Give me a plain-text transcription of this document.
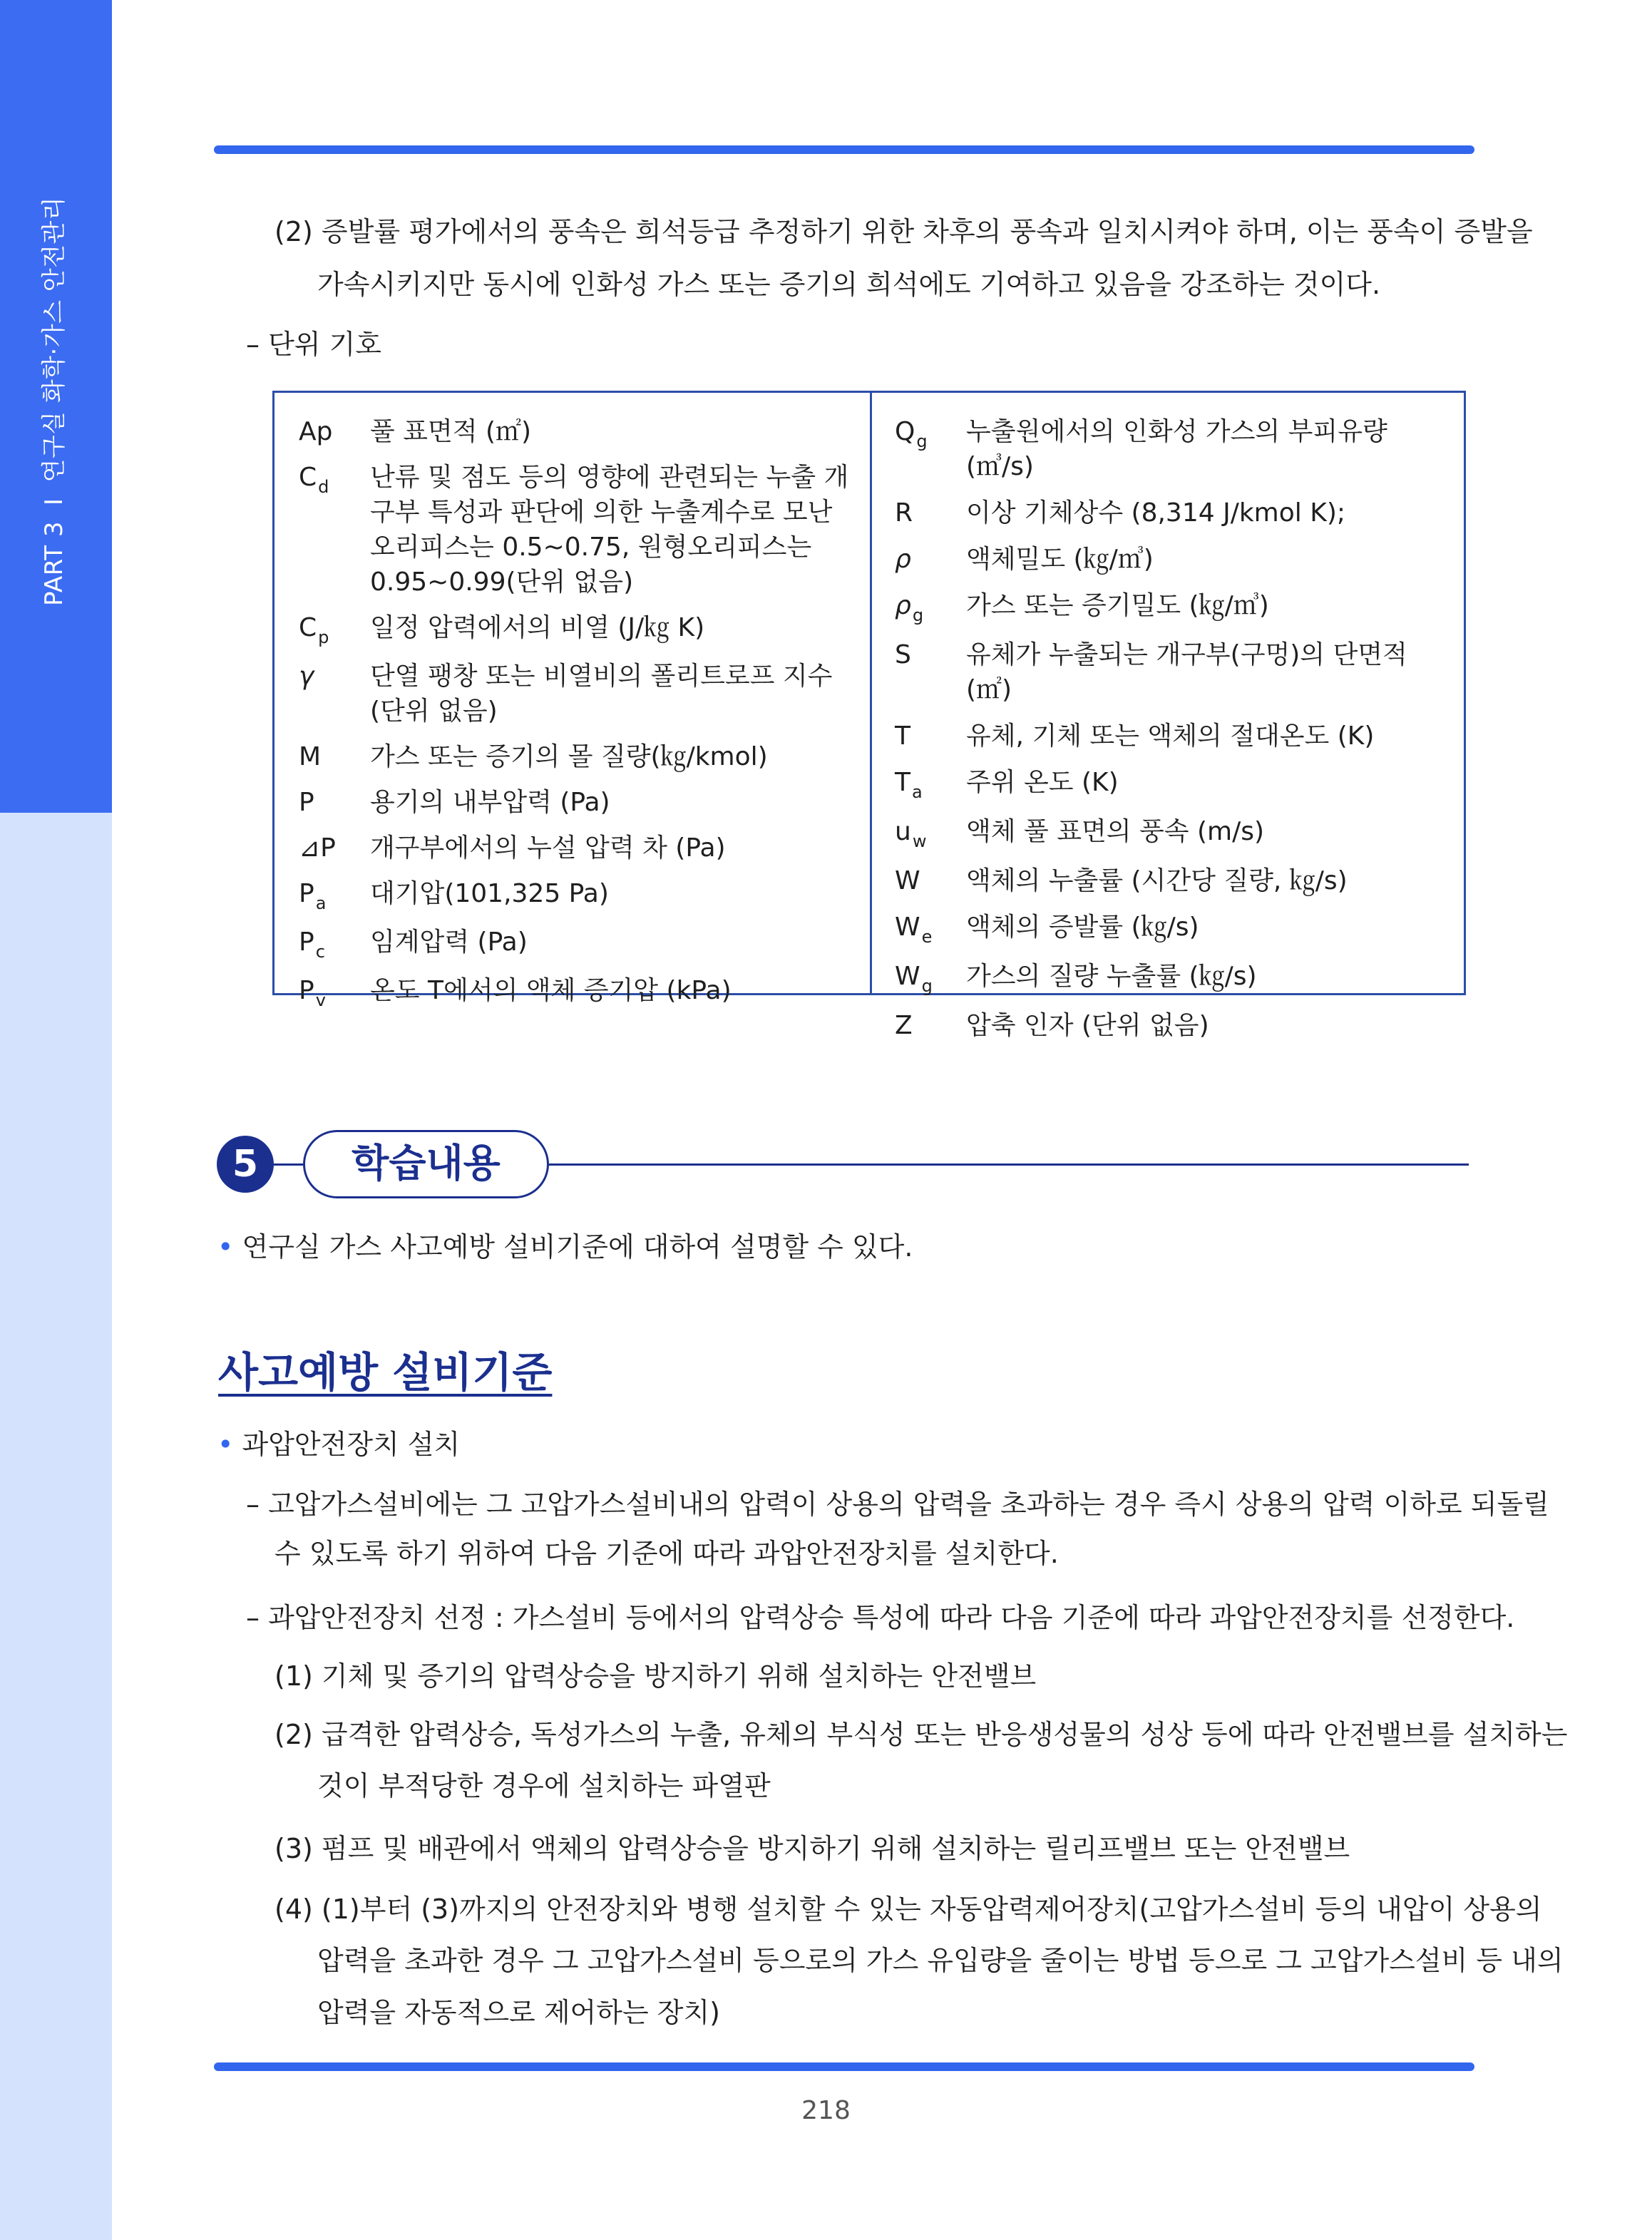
PART 3I연구실 화학·가스 안전관리	(2) 증발률 평가에서의 풍속은 희석등급 추정하기 위한 차후의 풍속과 일치시켜야 하며, 이는 풍속이 증발을
가속시키지만 동시에 인화성 가스 또는 증기의 희석에도 기여하고 있음을 강조하는 것이다.
– 단위 기호
Ap	풀 표면적 (㎡)
$C_d$	난류 및 점도 등의 영향에 관련되는 누출 개구부 특성과 판단에 의한 누출계수로 모난 오리피스는 0.5~0.75, 원형오리피스는 0.95~0.99(단위 없음)
$C_p$	일정 압력에서의 비열 (J/㎏ K)
γ	단열 팽창 또는 비열비의 폴리트로프 지수(단위 없음)
M	가스 또는 증기의 몰 질량(㎏/kmol)
P	용기의 내부압력 (Pa)
⊿P	개구부에서의 누설 압력 차 (Pa)
$P_a$	대기압(101,325 Pa)
$P_c$	임계압력 (Pa)
$P_v$	온도 T에서의 액체 증기압 (kPa)
$Q_g$	누출원에서의 인화성 가스의 부피유량 (㎥/s)
R	이상 기체상수 (8,314 J/kmol K);
ρ	액체밀도 (㎏/㎥)
$\rho_g$	가스 또는 증기밀도 (㎏/㎥)
S	유체가 누출되는 개구부(구멍)의 단면적 (㎡)
T	유체, 기체 또는 액체의 절대온도 (K)
$T_a$	주위 온도 (K)
$u_w$	액체 풀 표면의 풍속 (m/s)
W	액체의 누출률 (시간당 질량, ㎏/s)
$W_e$	액체의 증발률 (㎏/s)
$W_g$	가스의 질량 누출률 (㎏/s)
Z	압축 인자 (단위 없음)
5	학습내용
• 연구실 가스 사고예방 설비기준에 대하여 설명할 수 있다.
사고예방 설비기준
• 과압안전장치 설치
– 고압가스설비에는 그 고압가스설비내의 압력이 상용의 압력을 초과하는 경우 즉시 상용의 압력 이하로 되돌릴
수 있도록 하기 위하여 다음 기준에 따라 과압안전장치를 설치한다.
– 과압안전장치 선정 : 가스설비 등에서의 압력상승 특성에 따라 다음 기준에 따라 과압안전장치를 선정한다.
(1) 기체 및 증기의 압력상승을 방지하기 위해 설치하는 안전밸브
(2) 급격한 압력상승, 독성가스의 누출, 유체의 부식성 또는 반응생성물의 성상 등에 따라 안전밸브를 설치하는
것이 부적당한 경우에 설치하는 파열판
(3) 펌프 및 배관에서 액체의 압력상승을 방지하기 위해 설치하는 릴리프밸브 또는 안전밸브
(4) (1)부터 (3)까지의 안전장치와 병행 설치할 수 있는 자동압력제어장치(고압가스설비 등의 내압이 상용의
압력을 초과한 경우 그 고압가스설비 등으로의 가스 유입량을 줄이는 방법 등으로 그 고압가스설비 등 내의
압력을 자동적으로 제어하는 장치)
218
